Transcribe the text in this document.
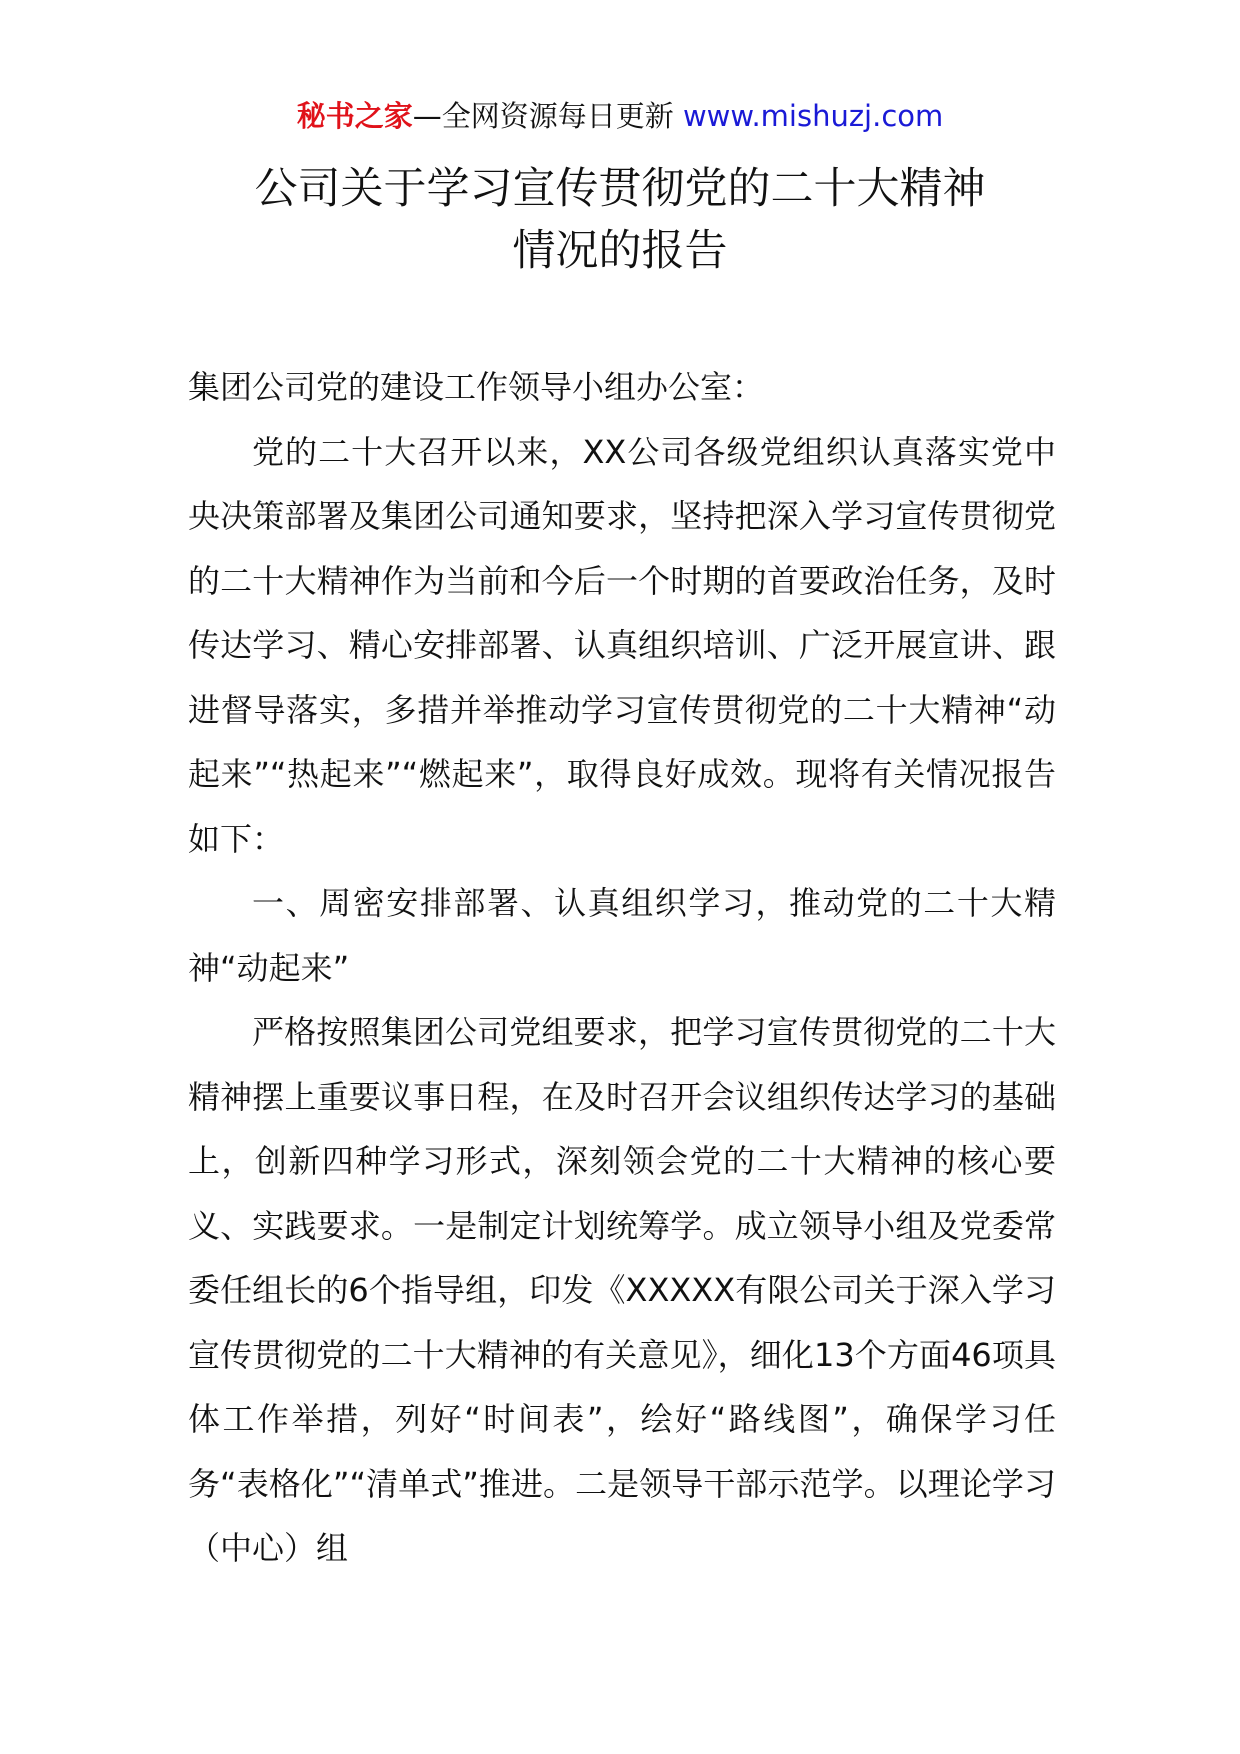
秘书之家—全网资源每日更新 www.mishuzj.com
公司关于学习宣传贯彻党的二十大精神
情况的报告

集团公司党的建设工作领导小组办公室：

党的二十大召开以来，XX公司各级党组织认真落实党中央决策部署及集团公司通知要求，坚持把深入学习宣传贯彻党的二十大精神作为当前和今后一个时期的首要政治任务，及时传达学习、精心安排部署、认真组织培训、广泛开展宣讲、跟进督导落实，多措并举推动学习宣传贯彻党的二十大精神“动起来”“热起来”“燃起来”，取得良好成效。现将有关情况报告如下：

一、周密安排部署、认真组织学习，推动党的二十大精神“动起来”

严格按照集团公司党组要求，把学习宣传贯彻党的二十大精神摆上重要议事日程，在及时召开会议组织传达学习的基础上，创新四种学习形式，深刻领会党的二十大精神的核心要义、实践要求。一是制定计划统筹学。成立领导小组及党委常委任组长的6个指导组，印发《XXXXX有限公司关于深入学习宣传贯彻党的二十大精神的有关意见》，细化13个方面46项具体工作举措，列好“时间表”，绘好“路线图”，确保学习任务“表格化”“清单式”推进。二是领导干部示范学。以理论学习（中心）组
